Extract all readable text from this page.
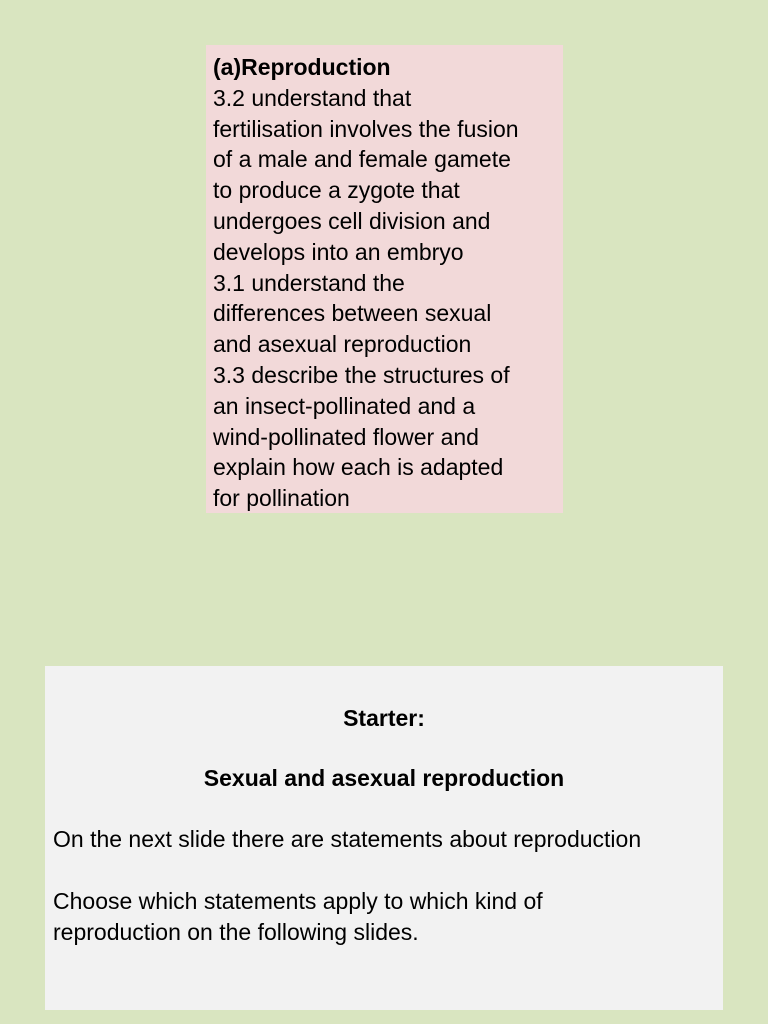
(a)Reproduction
3.2 understand that
fertilisation involves the fusion
of a male and female gamete
to produce a zygote that
undergoes cell division and
develops into an embryo
3.1 understand the
differences between sexual
and asexual reproduction
3.3 describe the structures of
an insect-pollinated and a
wind-pollinated flower and
explain how each is adapted
for pollination
Starter:
Sexual and asexual reproduction
On the next slide there are statements about reproduction
Choose which statements apply to which kind of
reproduction on the following slides.
